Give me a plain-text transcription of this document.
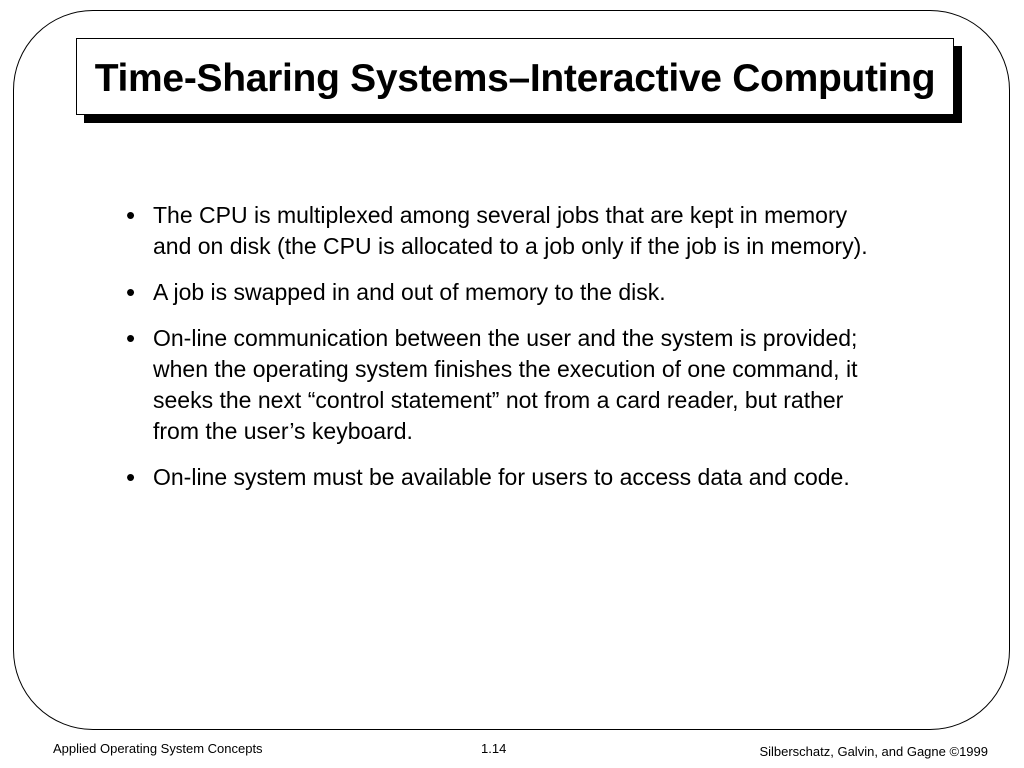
Time-Sharing Systems–Interactive Computing
• The CPU is multiplexed among several jobs that are kept in memory and on disk (the CPU is allocated to a job only if the job is in memory).
• A job is swapped in and out of memory to the disk.
• On-line communication between the user and the system is provided; when the operating system finishes the execution of one command, it seeks the next “control statement” not from a card reader, but rather from the user’s keyboard.
• On-line system must be available for users to access data and code.
Applied Operating System Concepts	1.14	Silberschatz, Galvin, and Gagne ©1999
